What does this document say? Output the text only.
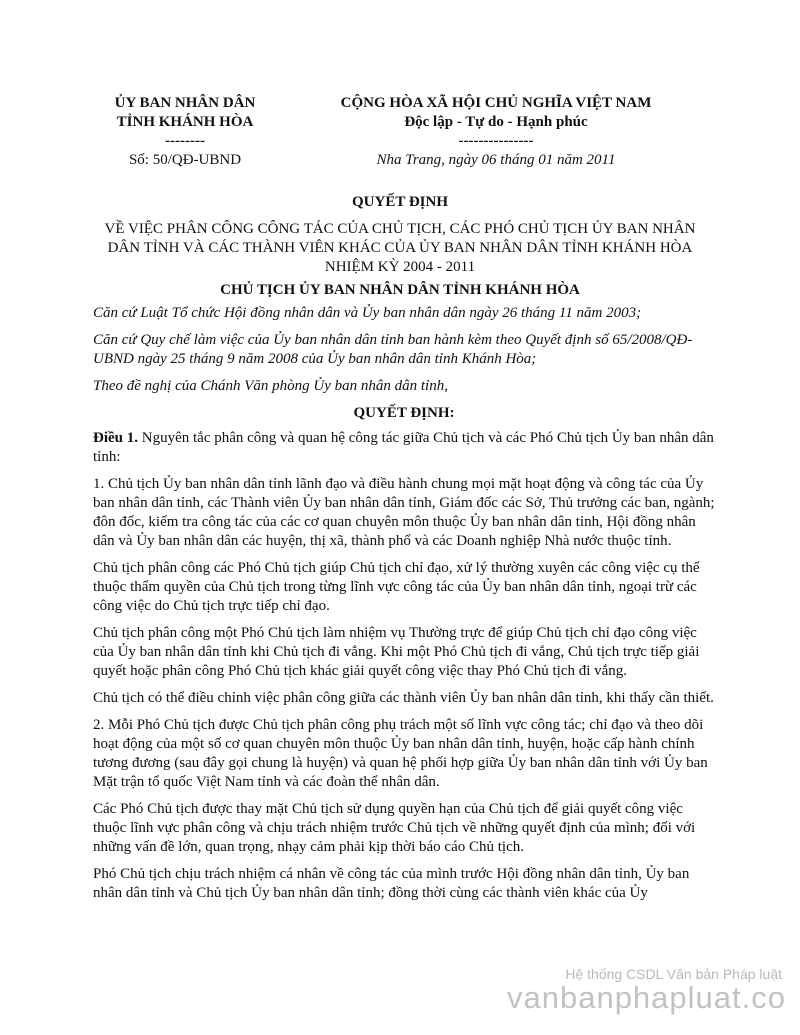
ỦY BAN NHÂN DÂN
TỈNH KHÁNH HÒA
--------
Số: 50/QĐ-UBND
CỘNG HÒA XÃ HỘI CHỦ NGHĨA VIỆT NAM
Độc lập - Tự do - Hạnh phúc
---------------
Nha Trang, ngày 06 tháng 01 năm 2011
QUYẾT ĐỊNH
VỀ VIỆC PHÂN CÔNG CÔNG TÁC CỦA CHỦ TỊCH, CÁC PHÓ CHỦ TỊCH ỦY BAN NHÂN DÂN TỈNH VÀ CÁC THÀNH VIÊN KHÁC CỦA ỦY BAN NHÂN DÂN TỈNH KHÁNH HÒA NHIỆM KỲ 2004 - 2011
CHỦ TỊCH ỦY BAN NHÂN DÂN TỈNH KHÁNH HÒA

Căn cứ Luật Tổ chức Hội đồng nhân dân và Ủy ban nhân dân ngày 26 tháng 11 năm 2003;

Căn cứ Quy chế làm việc của Ủy ban nhân dân tỉnh ban hành kèm theo Quyết định số 65/2008/QĐ-UBND ngày 25 tháng 9 năm 2008 của Ủy ban nhân dân tỉnh Khánh Hòa;

Theo đề nghị của Chánh Văn phòng Ủy ban nhân dân tỉnh,

QUYẾT ĐỊNH:

Điều 1. Nguyên tắc phân công và quan hệ công tác giữa Chủ tịch và các Phó Chủ tịch Ủy ban nhân dân tỉnh:

1. Chủ tịch Ủy ban nhân dân tỉnh lãnh đạo và điều hành chung mọi mặt hoạt động và công tác của Ủy ban nhân dân tỉnh, các Thành viên Ủy ban nhân dân tỉnh, Giám đốc các Sở, Thủ trưởng các ban, ngành; đôn đốc, kiểm tra công tác của các cơ quan chuyên môn thuộc Ủy ban nhân dân tỉnh, Hội đồng nhân dân và Ủy ban nhân dân các huyện, thị xã, thành phố và các Doanh nghiệp Nhà nước thuộc tỉnh.

Chủ tịch phân công các Phó Chủ tịch giúp Chủ tịch chỉ đạo, xử lý thường xuyên các công việc cụ thể thuộc thẩm quyền của Chủ tịch trong từng lĩnh vực công tác của Ủy ban nhân dân tỉnh, ngoại trừ các công việc do Chủ tịch trực tiếp chỉ đạo.

Chủ tịch phân công một Phó Chủ tịch làm nhiệm vụ Thường trực để giúp Chủ tịch chỉ đạo công việc của Ủy ban nhân dân tỉnh khi Chủ tịch đi vắng. Khi một Phó Chủ tịch đi vắng, Chủ tịch trực tiếp giải quyết hoặc phân công Phó Chủ tịch khác giải quyết công việc thay Phó Chủ tịch đi vắng.

Chủ tịch có thể điều chỉnh việc phân công giữa các thành viên Ủy ban nhân dân tỉnh, khi thấy cần thiết.

2. Mỗi Phó Chủ tịch được Chủ tịch phân công phụ trách một số lĩnh vực công tác; chỉ đạo và theo dõi hoạt động của một số cơ quan chuyên môn thuộc Ủy ban nhân dân tỉnh, huyện, hoặc cấp hành chính tương đương (sau đây gọi chung là huyện) và quan hệ phối hợp giữa Ủy ban nhân dân tỉnh với Ủy ban Mặt trận tổ quốc Việt Nam tỉnh và các đoàn thể nhân dân.

Các Phó Chủ tịch được thay mặt Chủ tịch sử dụng quyền hạn của Chủ tịch để giải quyết công việc thuộc lĩnh vực phân công và chịu trách nhiệm trước Chủ tịch về những quyết định của mình; đối với những vấn đề lớn, quan trọng, nhạy cảm phải kịp thời báo cáo Chủ tịch.

Phó Chủ tịch chịu trách nhiệm cá nhân về công tác của mình trước Hội đồng nhân dân tỉnh, Ủy ban nhân dân tỉnh và Chủ tịch Ủy ban nhân dân tỉnh; đồng thời cùng các thành viên khác của Ủy

Hệ thống CSDL Văn bản Pháp luật
vanbanphapluat.co
